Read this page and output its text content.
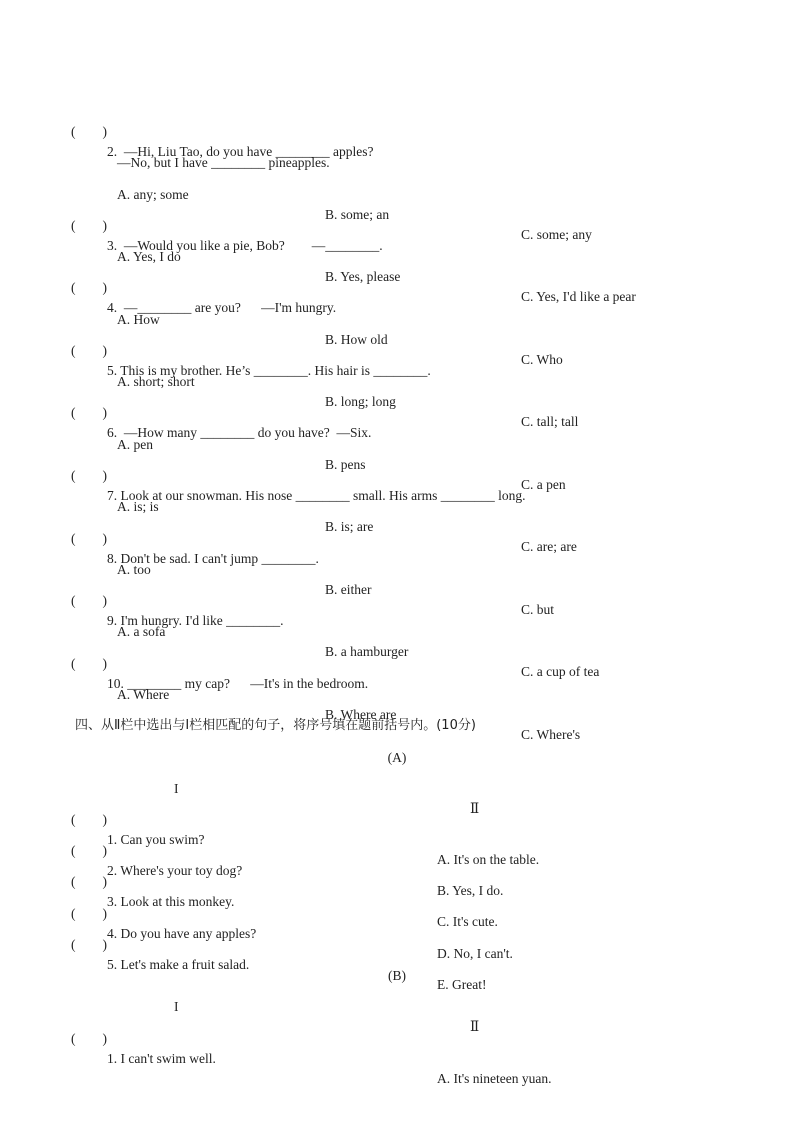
(        )

2.  —Hi, Liu Tao, do you have ________ apples?

—No, but I have ________ pineapples.

A. any; some

B. some; an

C. some; any

(        )

3.  —Would you like a pie, Bob?        —________.

A. Yes, I do

B. Yes, please

C. Yes, I'd like a pear

(        )

4.  —________ are you?      —I'm hungry.

A. How

B. How old

C. Who

(        )

5. This is my brother. He’s ________. His hair is ________.

A. short; short

B. long; long

C. tall; tall

(        )

6.  —How many ________ do you have?  —Six.

A. pen

B. pens

C. a pen

(        )

7. Look at our snowman. His nose ________ small. His arms ________ long.

A. is; is

B. is; are

C. are; are

(        )

8. Don't be sad. I can't jump ________.

A. too

B. either

C. but

(        )

9. I'm hungry. I'd like ________.

A. a sofa

B. a hamburger

C. a cup of tea

(        )

10. ________ my cap?      —It's in the bedroom.

A. Where

B. Where are

C. Where's

四、从Ⅱ栏中选出与Ⅰ栏相匹配的句子，将序号填在题前括号内。(10分)

(A)

I

Ⅱ

(        )

1. Can you swim?

A. It's on the table.

(        )

2. Where's your toy dog?

B. Yes, I do.

(        )

3. Look at this monkey.

C. It's cute.

(        )

4. Do you have any apples?

D. No, I can't.

(        )

5. Let's make a fruit salad.

E. Great!

(B)

I

Ⅱ

(        )

1. I can't swim well.

A. It's nineteen yuan.
